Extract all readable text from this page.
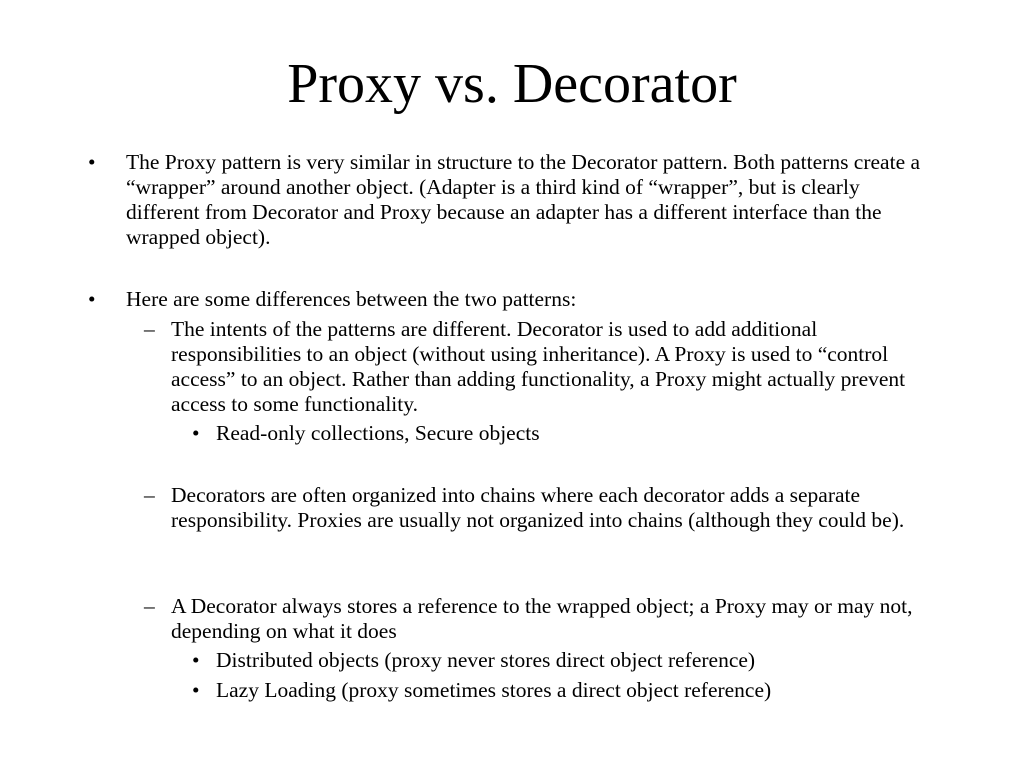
Proxy vs. Decorator
• The Proxy pattern is very similar in structure to the Decorator pattern. Both patterns create a “wrapper” around another object. (Adapter is a third kind of “wrapper”, but is clearly different from Decorator and Proxy because an adapter has a different interface than the wrapped object).
• Here are some differences between the two patterns:
– The intents of the patterns are different. Decorator is used to add additional responsibilities to an object (without using inheritance). A Proxy is used to “control access” to an object. Rather than adding functionality, a Proxy might actually prevent access to some functionality.
• Read-only collections, Secure objects
– Decorators are often organized into chains where each decorator adds a separate responsibility. Proxies are usually not organized into chains (although they could be).
– A Decorator always stores a reference to the wrapped object; a Proxy may or may not, depending on what it does
• Distributed objects (proxy never stores direct object reference)
• Lazy Loading (proxy sometimes stores a direct object reference)
